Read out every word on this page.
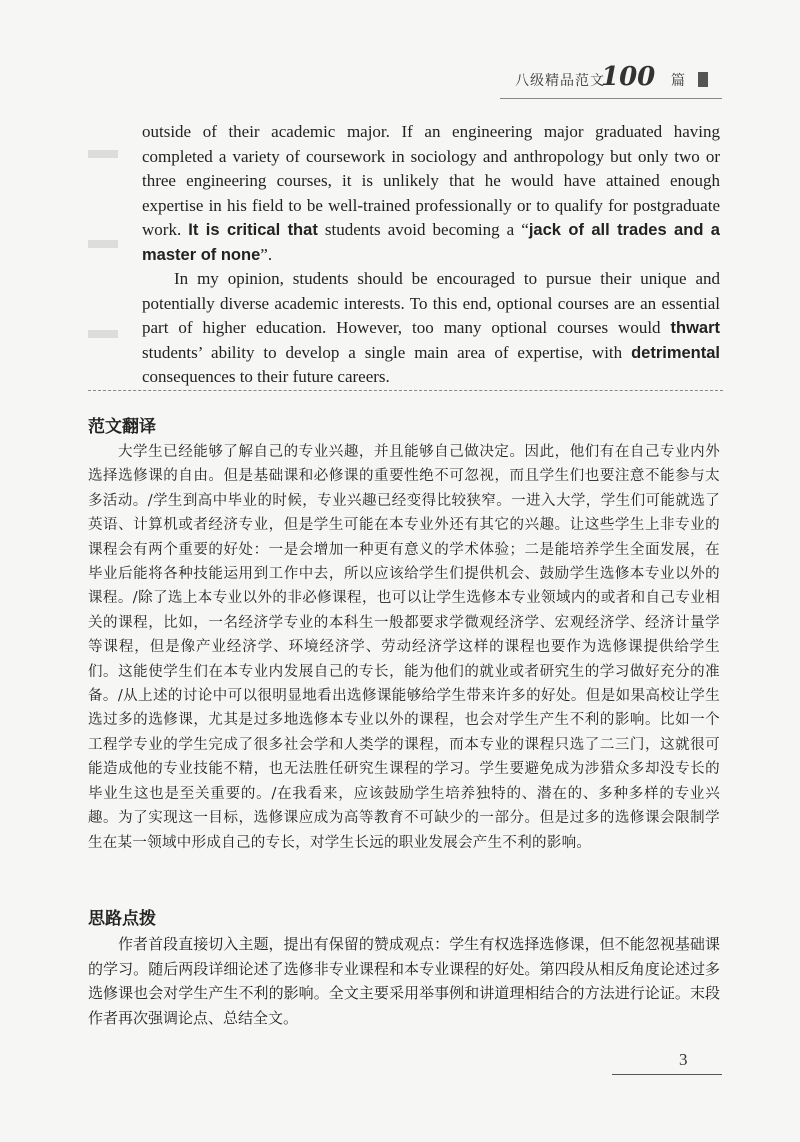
八级精品范文
100 篇

outside of their academic major. If an engineering major graduated having completed a variety of coursework in sociology and anthropology but only two or three engineering courses, it is unlikely that he would have attained enough expertise in his field to be well-trained professionally or to qualify for postgraduate work. It is critical that students avoid becoming a “jack of all trades and a master of none”.

In my opinion, students should be encouraged to pursue their unique and potentially diverse academic interests. To this end, optional courses are an essential part of higher education. However, too many optional courses would thwart students’ ability to develop a single main area of expertise, with detrimental consequences to their future careers.

范文翻译

大学生已经能够了解自己的专业兴趣，并且能够自己做决定。因此，他们有在自己专业内外选择选修课的自由。但是基础课和必修课的重要性绝不可忽视，而且学生们也要注意不能参与太多活动。/学生到高中毕业的时候，专业兴趣已经变得比较狭窄。一进入大学，学生们可能就选了英语、计算机或者经济专业，但是学生可能在本专业外还有其它的兴趣。让这些学生上非专业的课程会有两个重要的好处：一是会增加一种更有意义的学术体验；二是能培养学生全面发展，在毕业后能将各种技能运用到工作中去，所以应该给学生们提供机会、鼓励学生选修本专业以外的课程。/除了选上本专业以外的非必修课程，也可以让学生选修本专业领域内的或者和自己专业相关的课程，比如，一名经济学专业的本科生一般都要求学微观经济学、宏观经济学、经济计量学等课程，但是像产业经济学、环境经济学、劳动经济学这样的课程也要作为选修课提供给学生们。这能使学生们在本专业内发展自己的专长，能为他们的就业或者研究生的学习做好充分的准备。/从上述的讨论中可以很明显地看出选修课能够给学生带来许多的好处。但是如果高校让学生选过多的选修课，尤其是过多地选修本专业以外的课程，也会对学生产生不利的影响。比如一个工程学专业的学生完成了很多社会学和人类学的课程，而本专业的课程只选了二三门，这就很可能造成他的专业技能不精，也无法胜任研究生课程的学习。学生要避免成为涉猎众多却没专长的毕业生这也是至关重要的。/在我看来，应该鼓励学生培养独特的、潜在的、多种多样的专业兴趣。为了实现这一目标，选修课应成为高等教育不可缺少的一部分。但是过多的选修课会限制学生在某一领域中形成自己的专长，对学生长远的职业发展会产生不利的影响。

思路点拨

作者首段直接切入主题，提出有保留的赞成观点：学生有权选择选修课，但不能忽视基础课的学习。随后两段详细论述了选修非专业课程和本专业课程的好处。第四段从相反角度论述过多选修课也会对学生产生不利的影响。全文主要采用举事例和讲道理相结合的方法进行论证。末段作者再次强调论点、总结全文。

3
